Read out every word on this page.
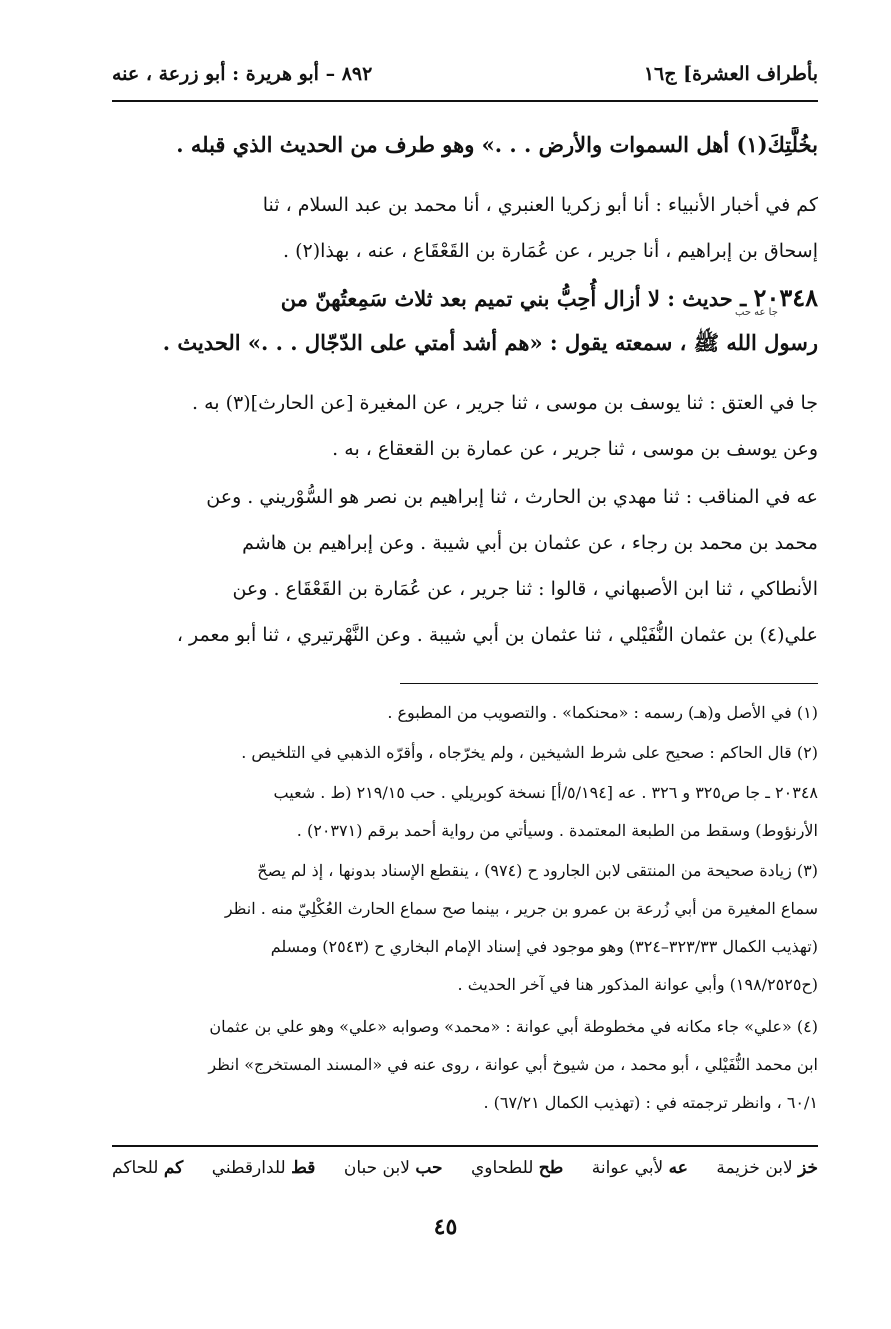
بأطراف العشرة] ج١٦
٨٩٢ – أبو هريرة : أبو زرعة ، عنه
بخُلَّتِكَ(١) أهل السموات والأرض . . .» وهو طرف من الحديث الذي قبله .
كم في أخبار الأنبياء : أنا أبو زكريا العنبري ، أنا محمد بن عبد السلام ، ثنا
إسحاق بن إبراهيم ، أنا جرير ، عن عُمَارة بن القَعْقَاع ، عنه ، بهذا(٢) .
٢٠٣٤٨ ـ حديث : لا أزال أُحِبُّ بني تميم بعد ثلاث سَمِعتُهنّ من
رسول الله ﷺ ، سمعته يقول : «هم أشد أمتي على الدّجّال . . .» الحديث .
جا عه حب
جا في العتق : ثنا يوسف بن موسى ، ثنا جرير ، عن المغيرة [عن الحارث](٣) به .
وعن يوسف بن موسى ، ثنا جرير ، عن عمارة بن القعقاع ، به .
عه في المناقب : ثنا مهدي بن الحارث ، ثنا إبراهيم بن نصر هو السُّوْريني . وعن
محمد بن محمد بن رجاء ، عن عثمان بن أبي شيبة . وعن إبراهيم بن هاشم
الأنطاكي ، ثنا ابن الأصبهاني ، قالوا : ثنا جرير ، عن عُمَارة بن القَعْقَاع . وعن
علي(٤) بن عثمان النُّفَيْلي ، ثنا عثمان بن أبي شيبة . وعن النَّهْرتيري ، ثنا أبو معمر ،
(١) في الأصل و(هـ) رسمه : «محنكما» . والتصويب من المطبوع .
(٢) قال الحاكم : صحيح على شرط الشيخين ، ولم يخرّجاه ، وأقرّه الذهبي في التلخيص .
٢٠٣٤٨ ـ جا ص٣٢٥ و ٣٢٦ . عه [٥/١٩٤/أ] نسخة كوبريلي . حب ٢١٩/١٥ (ط . شعيب
الأرنؤوط) وسقط من الطبعة المعتمدة . وسيأتي من رواية أحمد برقم (٢٠٣٧١) .
(٣) زيادة صحيحة من المنتقى لابن الجارود ح (٩٧٤) ، ينقطع الإسناد بدونها ، إذ لم يصحّ
سماع المغيرة من أبي زُرعة بن عمرو بن جرير ، بينما صح سماع الحارث العُكْلِيّ منه . انظر
(تهذيب الكمال ٣٢٣/٣٣–٣٢٤) وهو موجود في إسناد الإمام البخاري ح (٢٥٤٣) ومسلم
(ح١٩٨/٢٥٢٥) وأبي عوانة المذكور هنا في آخر الحديث .
(٤) «علي» جاء مكانه في مخطوطة أبي عوانة : «محمد» وصوابه «علي» وهو علي بن عثمان
ابن محمد النُّفَيْلي ، أبو محمد ، من شيوخ أبي عوانة ، روى عنه في «المسند المستخرج» انظر
٦٠/١ ، وانظر ترجمته في : (تهذيب الكمال ٦٧/٢١) .
خز لابن خزيمة
عه لأبي عوانة
طح للطحاوي
حب لابن حبان
قط للدارقطني
كم للحاكم
٤٥
